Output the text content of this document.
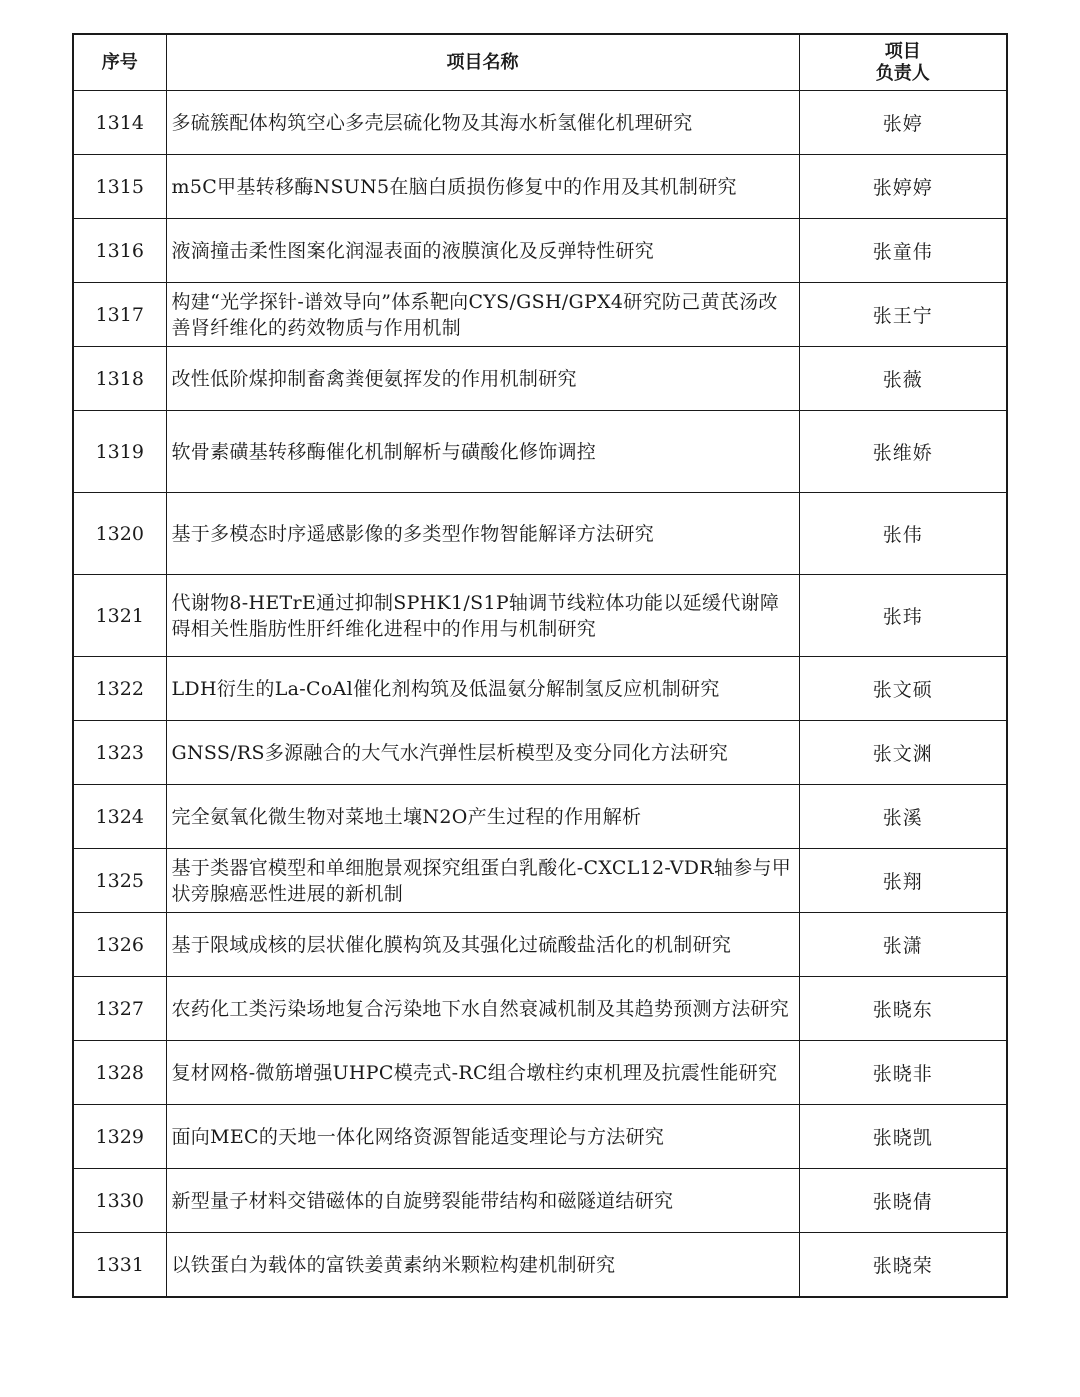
序号	项目名称	项目
负责人

1314	多硫簇配体构筑空心多壳层硫化物及其海水析氢催化机理研究	张婷
1315	m5C甲基转移酶NSUN5在脑白质损伤修复中的作用及其机制研究	张婷婷
1316	液滴撞击柔性图案化润湿表面的液膜演化及反弹特性研究	张童伟
1317	构建“光学探针-谱效导向”体系靶向CYS/GSH/GPX4研究防己黄芪汤改善肾纤维化的药效物质与作用机制	张王宁
1318	改性低阶煤抑制畜禽粪便氨挥发的作用机制研究	张薇
1319	软骨素磺基转移酶催化机制解析与磺酸化修饰调控	张维娇
1320	基于多模态时序遥感影像的多类型作物智能解译方法研究	张伟
1321	代谢物8-HETrE通过抑制SPHK1/S1P轴调节线粒体功能以延缓代谢障碍相关性脂肪性肝纤维化进程中的作用与机制研究	张玮
1322	LDH衍生的La-CoAl催化剂构筑及低温氨分解制氢反应机制研究	张文硕
1323	GNSS/RS多源融合的大气水汽弹性层析模型及变分同化方法研究	张文渊
1324	完全氨氧化微生物对菜地土壤N2O产生过程的作用解析	张溪
1325	基于类器官模型和单细胞景观探究组蛋白乳酸化-CXCL12-VDR轴参与甲状旁腺癌恶性进展的新机制	张翔
1326	基于限域成核的层状催化膜构筑及其强化过硫酸盐活化的机制研究	张潇
1327	农药化工类污染场地复合污染地下水自然衰减机制及其趋势预测方法研究	张晓东
1328	复材网格-微筋增强UHPC模壳式-RC组合墩柱约束机理及抗震性能研究	张晓非
1329	面向MEC的天地一体化网络资源智能适变理论与方法研究	张晓凯
1330	新型量子材料交错磁体的自旋劈裂能带结构和磁隧道结研究	张晓倩
1331	以铁蛋白为载体的富铁姜黄素纳米颗粒构建机制研究	张晓荣
